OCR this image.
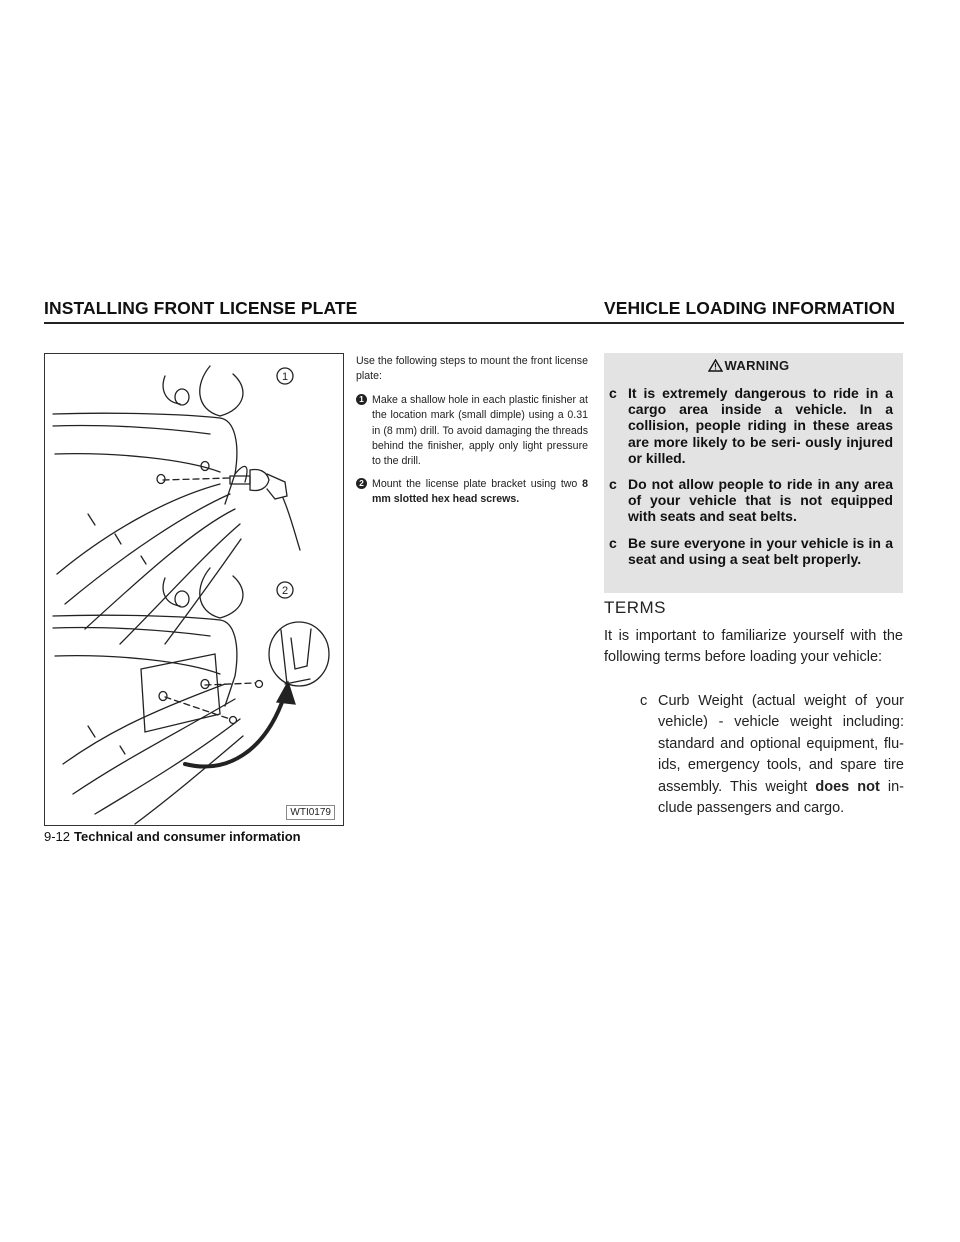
INSTALLING FRONT LICENSE PLATE	VEHICLE LOADING INFORMATION
1
2
WTI0179

Use the following steps to mount the front license plate:

1 Make a shallow hole in each plastic finisher at the location mark (small dimple) using a 0.31 in (8 mm) drill. To avoid damaging the threads behind the finisher, apply only light pressure to the drill.
2 Mount the license plate bracket using two 8 mm slotted hex head screws.
WARNING
c It is extremely dangerous to ride in a cargo area inside a vehicle. In a collision, people riding in these areas are more likely to be seri- ously injured or killed.
c Do not allow people to ride in any area of your vehicle that is not equipped with seats and seat belts.
c Be sure everyone in your vehicle is in a seat and using a seat belt properly.
TERMS
It is important to familiarize yourself with the following terms before loading your vehicle:
c Curb Weight (actual weight of your vehicle) - vehicle weight including: standard and optional equipment, flu- ids, emergency tools, and spare tire assembly. This weight does not in- clude passengers and cargo.
9-12 Technical and consumer information
